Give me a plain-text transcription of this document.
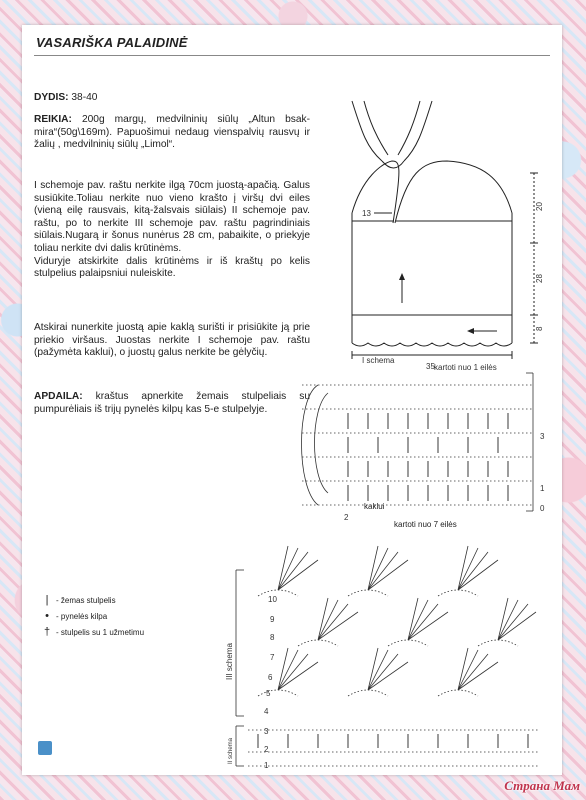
VASARIŠKA PALAIDINĖ
DYDIS: 38-40
REIKIA: 200g margų, medvilninių siūlų „Altun bsak-mira“(50g\169m). Papuošimui nedaug vienspalvių rausvų ir žalių , medvilninių siūlų „Limol“.
I schemoje pav. raštu nerkite ilgą 70cm juostą-apačią. Galus susiūkite.Toliau nerkite nuo vieno krašto į viršų dvi eiles (vieną eilę rausvais, kitą-žalsvais siūlais) II schemoje pav. raštu, po to nerkite III schemoje pav. raštu pagrindiniais siūlais.Nugarą ir šonus nunėrus 28 cm, pabaikite, o priekyje toliau nerkite dvi dalis krūtinėms.
Viduryje atskirkite dalis krūtinėms ir iš kraštų po kelis stulpelius palaipsniui nuleiskite.
Atskirai nunerkite juostą apie kaklą surišti ir prisiūkite ją prie priekio viršaus. Juostas nerkite I schemoje pav. raštu (pažymėta kaklui), o juostų galus nerkite be gėlyčių.
APDAILA: kraštus apnerkite žemais stulpeliais su pumpurėliais iš trijų pynelės kilpų kas 5-e stulpelyje.
20
28
8
13
35
I schema
kartoti nuo 1 eilės
3
1
0
2
kaklui
kartoti nuo 7 eilės
10
9
8
7
6
5
4
3
2
1
III schema
II schema
| - žemas stulpelis
• - pynelės kilpa
† - stulpelis su 1 užmetimu
Страна Мам
